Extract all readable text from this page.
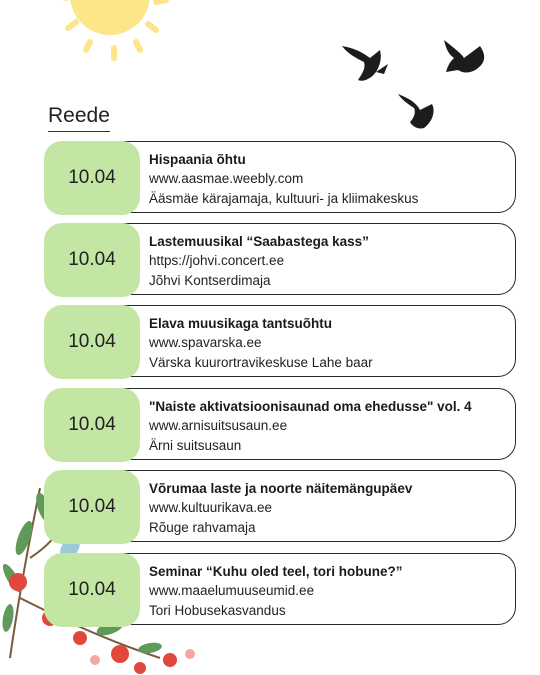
Reede
10.04
Hispaania õhtu
www.aasmae.weebly.com
Ääsmäe kärajamaja, kultuuri- ja kliimakeskus
10.04
Lastemuusikal “Saabastega kass”
https://johvi.concert.ee
Jõhvi Kontserdimaja
10.04
Elava muusikaga tantsuõhtu
www.spavarska.ee
Värska kuurortravikeskuse Lahe baar
10.04
"Naiste aktivatsioonisaunad oma ehedusse" vol. 4
www.arnisuitsusaun.ee
Ärni suitsusaun
10.04
Võrumaa laste ja noorte näitemängupäev
www.kultuurikava.ee
Rõuge rahvamaja
10.04
Seminar “Kuhu oled teel, tori hobune?”
www.maaelumuuseumid.ee
Tori Hobusekasvandus
